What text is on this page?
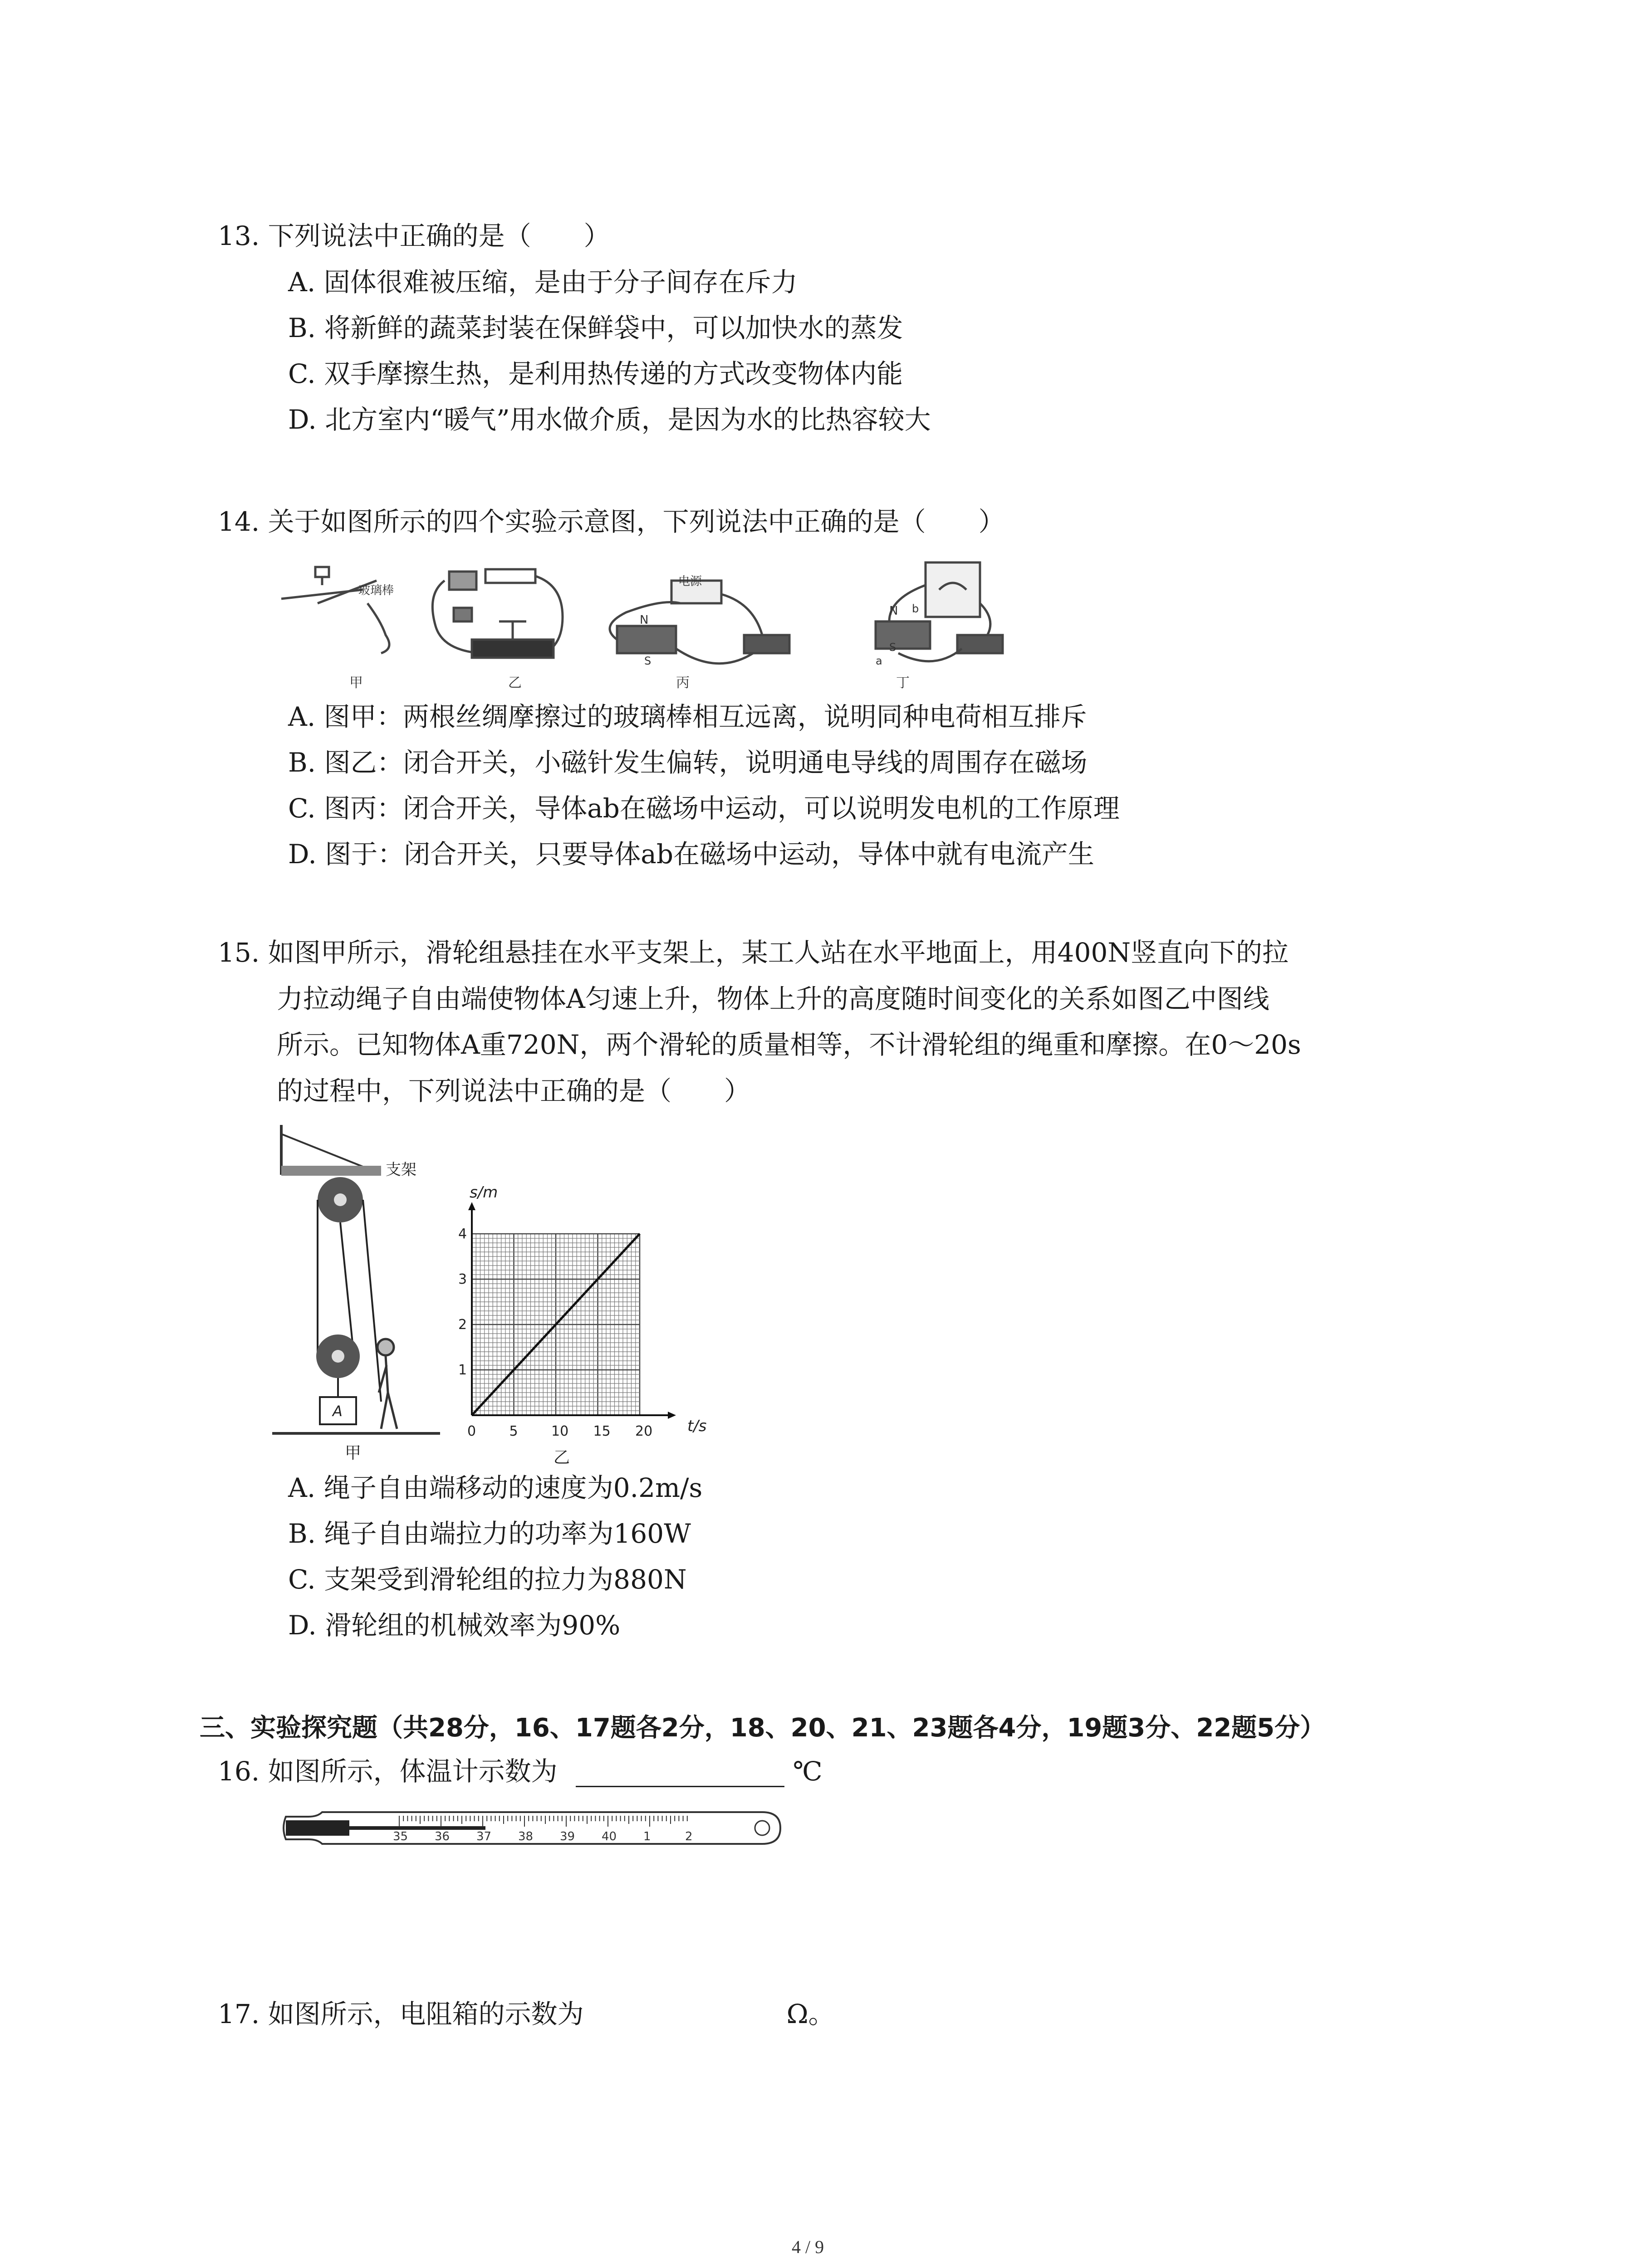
13. 下列说法中正确的是（　　）
A. 固体很难被压缩，是由于分子间存在斥力
B. 将新鲜的蔬菜封装在保鲜袋中，可以加快水的蒸发
C. 双手摩擦生热，是利用热传递的方式改变物体内能
D. 北方室内“暖气”用水做介质，是因为水的比热容较大
14. 关于如图所示的四个实验示意图，下列说法中正确的是（　　）
玻璃棒
甲	乙
电源
N
S
丙
N b
a
S
丁
A. 图甲：两根丝绸摩擦过的玻璃棒相互远离，说明同种电荷相互排斥
B. 图乙：闭合开关，小磁针发生偏转，说明通电导线的周围存在磁场
C. 图丙：闭合开关，导体ab在磁场中运动，可以说明发电机的工作原理
D. 图于：闭合开关，只要导体ab在磁场中运动，导体中就有电流产生
15. 如图甲所示，滑轮组悬挂在水平支架上，某工人站在水平地面上，用400N竖直向下的拉
力拉动绳子自由端使物体A匀速上升，物体上升的高度随时间变化的关系如图乙中图线
所示。已知物体A重720N，两个滑轮的质量相等，不计滑轮组的绳重和摩擦。在0～20s
的过程中，下列说法中正确的是（　　）
支架
A
甲
0 5 10 15 20
1
2
3
4
s/m
t/s
乙
A. 绳子自由端移动的速度为0.2m/s
B. 绳子自由端拉力的功率为160W
C. 支架受到滑轮组的拉力为880N
D. 滑轮组的机械效率为90%
三、实验探究题（共28分，16、17题各2分，18、20、21、23题各4分，19题3分、22题5分）
16. 如图所示，体温计示数为	℃
35 36 37 38 39 40 1	2
17. 如图所示，电阻箱的示数为	Ω。
4 / 9
